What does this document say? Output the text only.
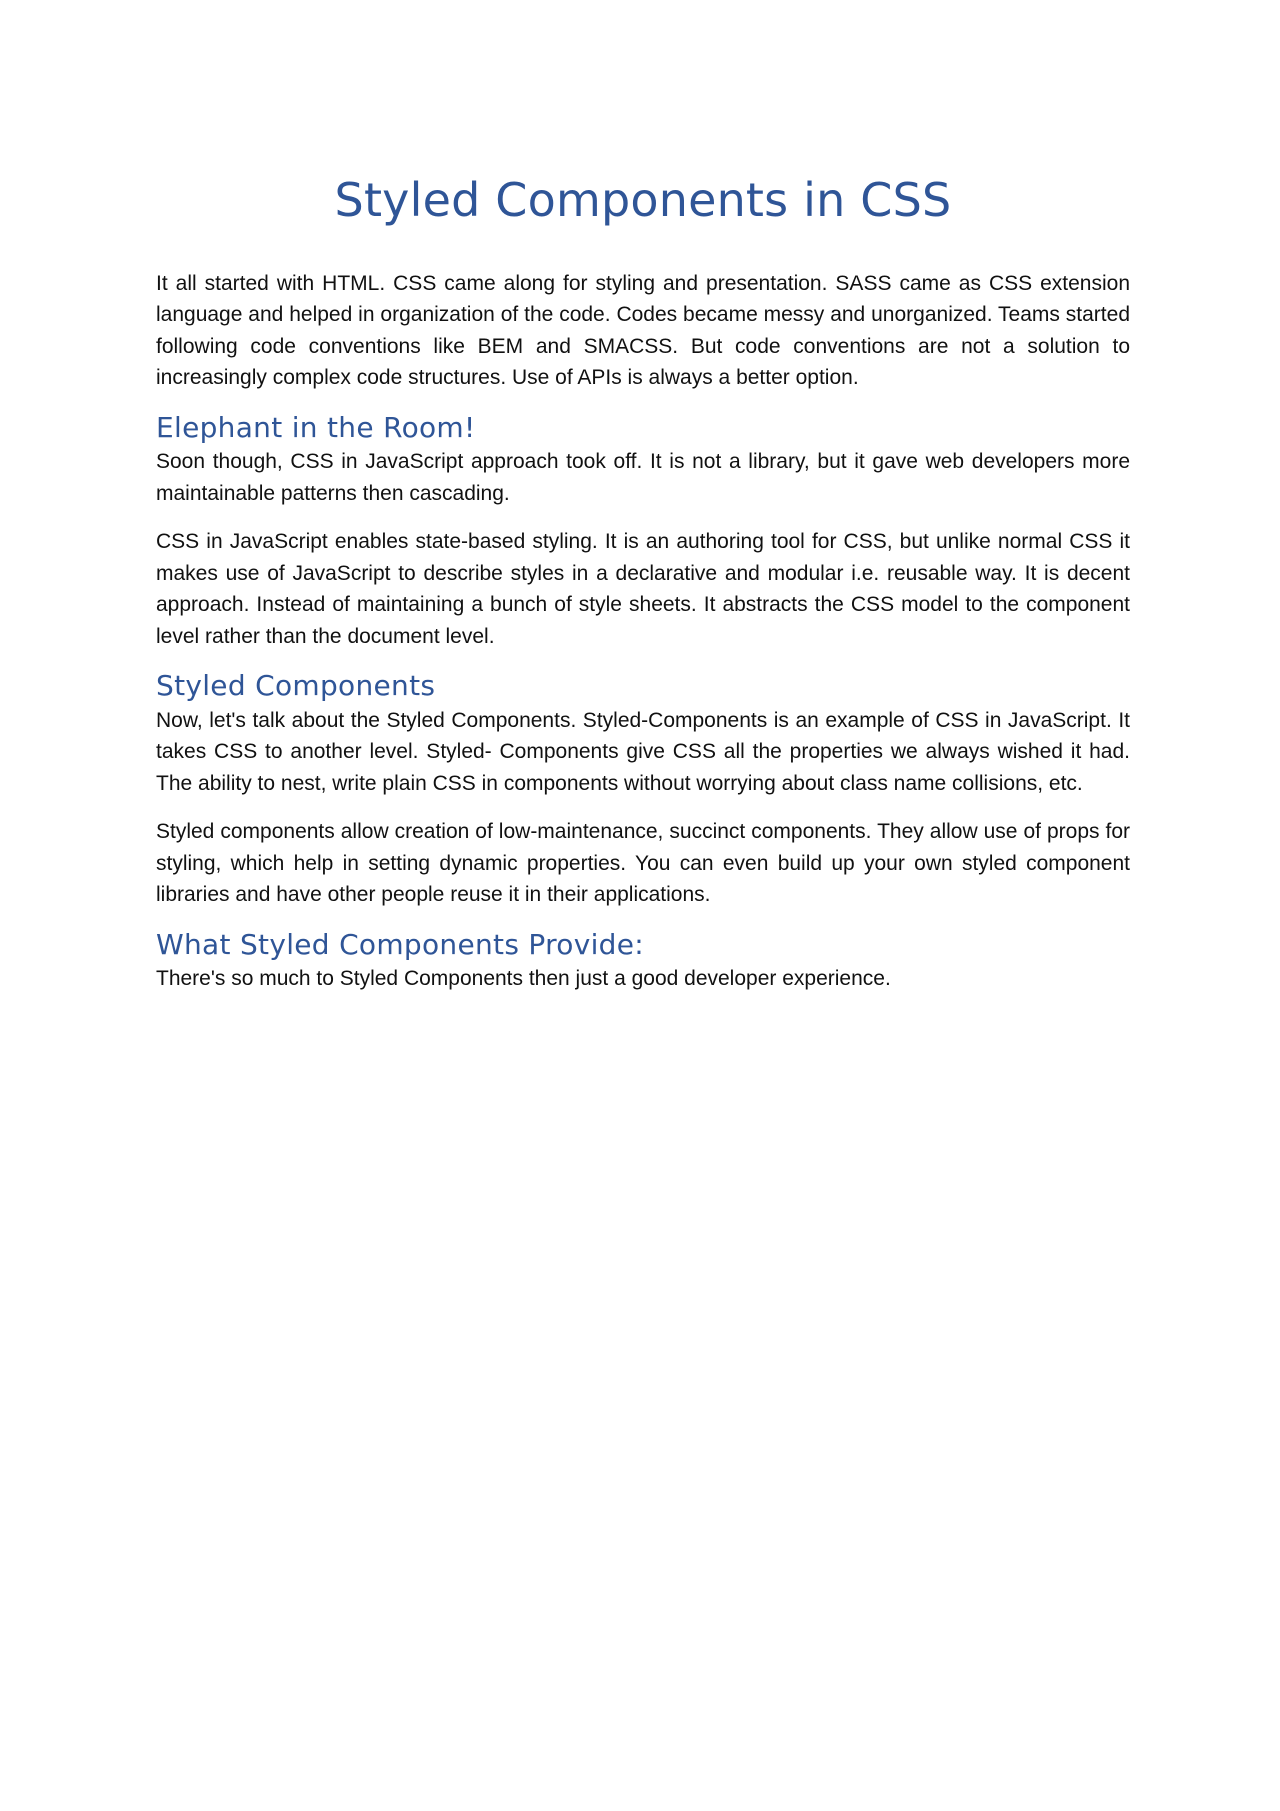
Styled Components in CSS

It all started with HTML. CSS came along for styling and presentation. SASS came as CSS extension language and helped in organization of the code. Codes became messy and unorganized. Teams started following code conventions like BEM and SMACSS. But code conventions are not a solution to increasingly complex code structures. Use of APIs is always a better option.

Elephant in the Room!

Soon though, CSS in JavaScript approach took off. It is not a library, but it gave web developers more maintainable patterns then cascading.

CSS in JavaScript enables state-based styling. It is an authoring tool for CSS, but unlike normal CSS it makes use of JavaScript to describe styles in a declarative and modular i.e. reusable way. It is decent approach. Instead of maintaining a bunch of style sheets. It abstracts the CSS model to the component level rather than the document level.

Styled Components

Now, let's talk about the Styled Components. Styled-Components is an example of CSS in JavaScript. It takes CSS to another level. Styled- Components give CSS all the properties we always wished it had. The ability to nest, write plain CSS in components without worrying about class name collisions, etc.

Styled components allow creation of low-maintenance, succinct components. They allow use of props for styling, which help in setting dynamic properties. You can even build up your own styled component libraries and have other people reuse it in their applications.

What Styled Components Provide:

There's so much to Styled Components then just a good developer experience.
